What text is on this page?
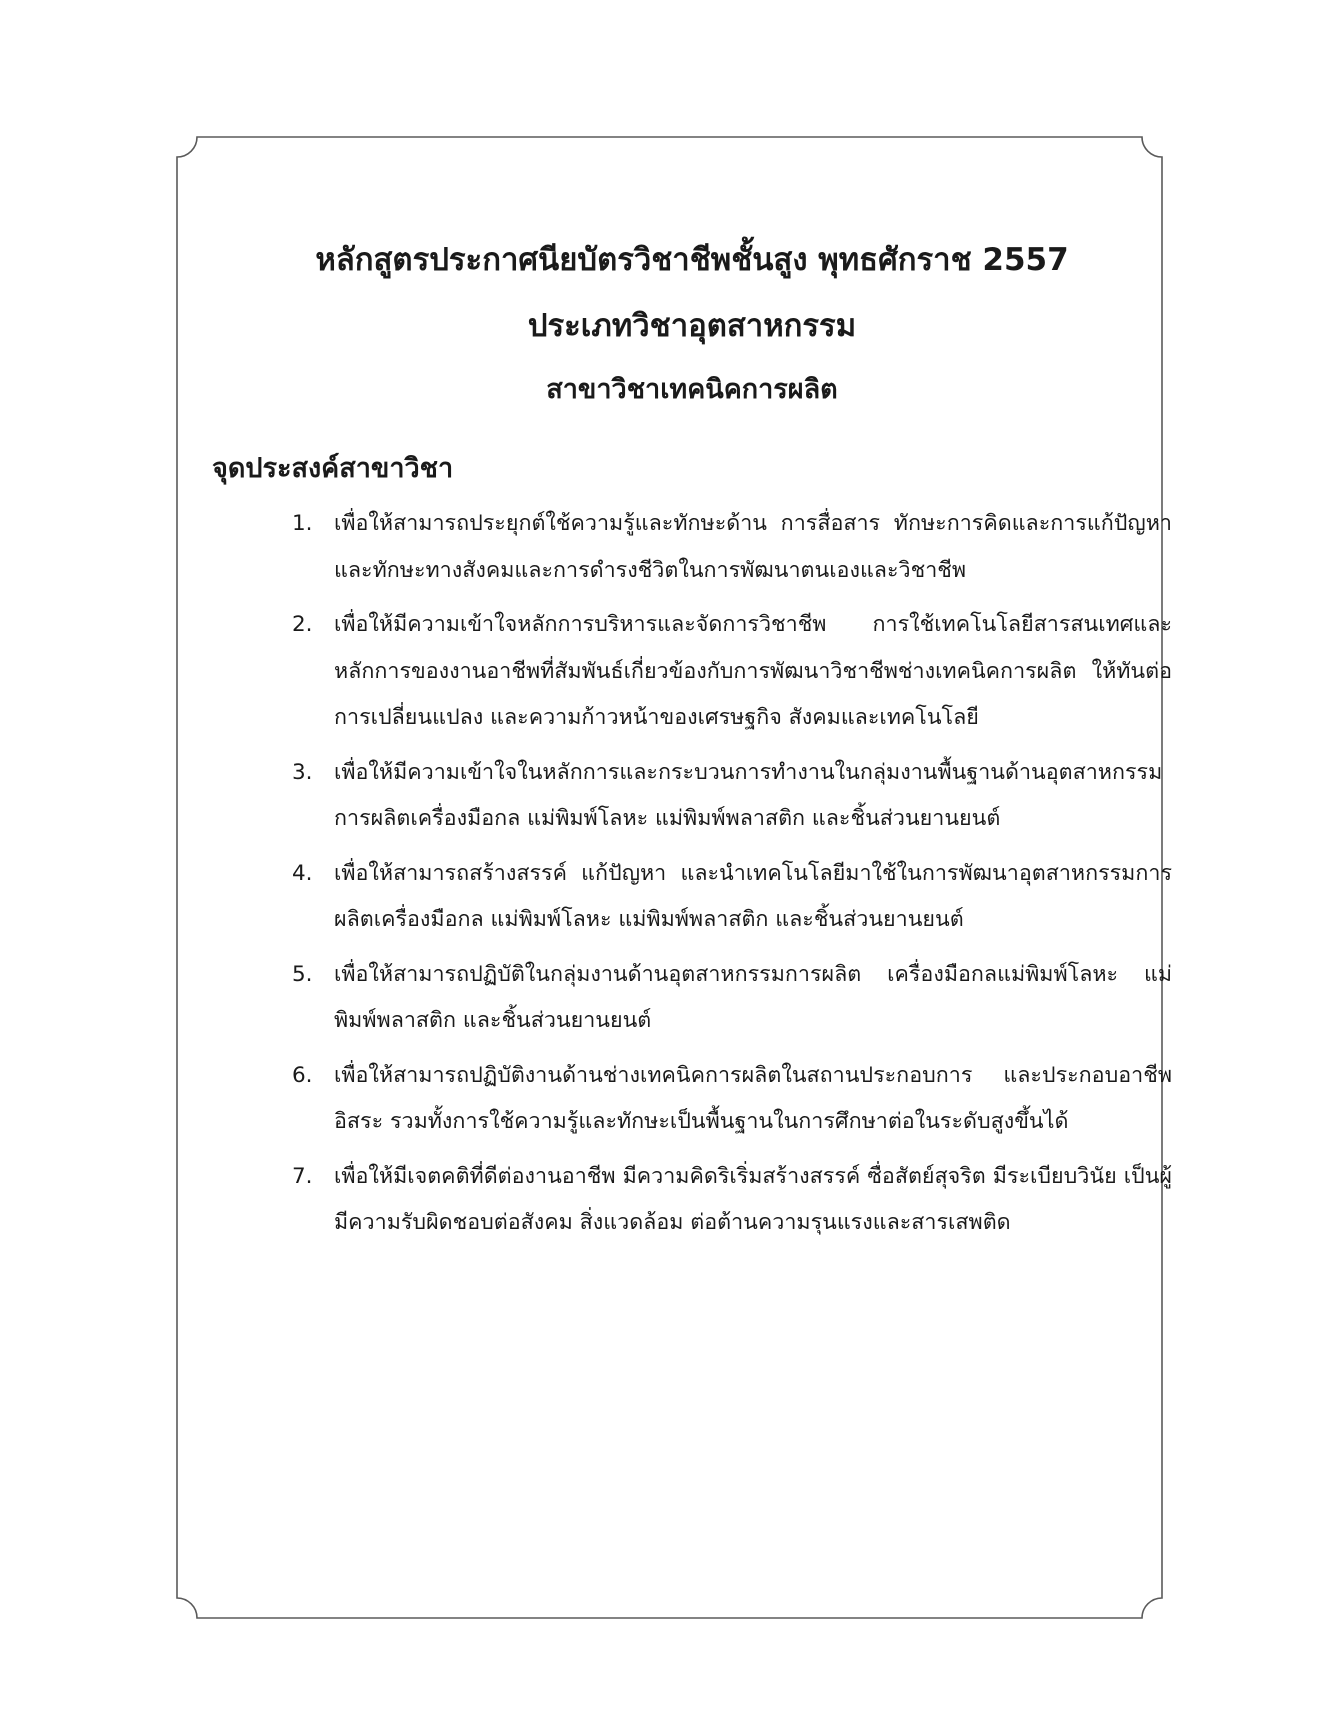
หลักสูตรประกาศนียบัตรวิชาชีพชั้นสูง พุทธศักราช 2557
ประเภทวิชาอุตสาหกรรม
สาขาวิชาเทคนิคการผลิต
จุดประสงค์สาขาวิชา
1. เพื่อให้สามารถประยุกต์ใช้ความรู้และทักษะด้าน การสื่อสาร ทักษะการคิดและการแก้ปัญหา และทักษะทางสังคมและการดำรงชีวิตในการพัฒนาตนเองและวิชาชีพ
2. เพื่อให้มีความเข้าใจหลักการบริหารและจัดการวิชาชีพ การใช้เทคโนโลยีสารสนเทศและหลักการของงานอาชีพที่สัมพันธ์เกี่ยวข้องกับการพัฒนาวิชาชีพช่างเทคนิคการผลิต ให้ทันต่อการเปลี่ยนแปลง และความก้าวหน้าของเศรษฐกิจ สังคมและเทคโนโลยี
3. เพื่อให้มีความเข้าใจในหลักการและกระบวนการทำงานในกลุ่มงานพื้นฐานด้านอุตสาหกรรมการผลิตเครื่องมือกล แม่พิมพ์โลหะ แม่พิมพ์พลาสติก และชิ้นส่วนยานยนต์
4. เพื่อให้สามารถสร้างสรรค์ แก้ปัญหา และนำเทคโนโลยีมาใช้ในการพัฒนาอุตสาหกรรมการผลิตเครื่องมือกล แม่พิมพ์โลหะ แม่พิมพ์พลาสติก และชิ้นส่วนยานยนต์
5. เพื่อให้สามารถปฏิบัติในกลุ่มงานด้านอุตสาหกรรมการผลิต เครื่องมือกลแม่พิมพ์โลหะ แม่พิมพ์พลาสติก และชิ้นส่วนยานยนต์
6. เพื่อให้สามารถปฏิบัติงานด้านช่างเทคนิคการผลิตในสถานประกอบการ และประกอบอาชีพอิสระ รวมทั้งการใช้ความรู้และทักษะเป็นพื้นฐานในการศึกษาต่อในระดับสูงขึ้นได้
7. เพื่อให้มีเจตคติที่ดีต่องานอาชีพ มีความคิดริเริ่มสร้างสรรค์ ซื่อสัตย์สุจริต มีระเบียบวินัย เป็นผู้มีความรับผิดชอบต่อสังคม สิ่งแวดล้อม ต่อต้านความรุนแรงและสารเสพติด
